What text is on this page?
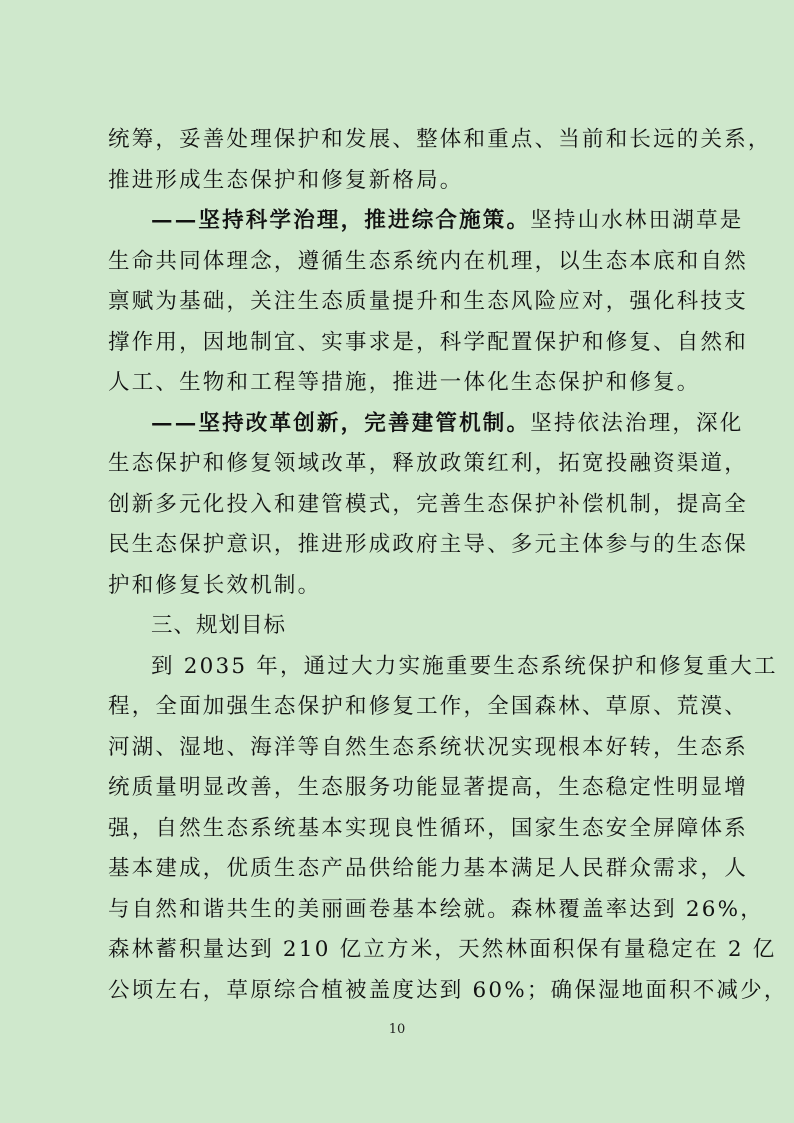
统筹，妥善处理保护和发展、整体和重点、当前和长远的关系，
推进形成生态保护和修复新格局。
——坚持科学治理，推进综合施策。坚持山水林田湖草是
生命共同体理念，遵循生态系统内在机理，以生态本底和自然
禀赋为基础，关注生态质量提升和生态风险应对，强化科技支
撑作用，因地制宜、实事求是，科学配置保护和修复、自然和
人工、生物和工程等措施，推进一体化生态保护和修复。
——坚持改革创新，完善建管机制。坚持依法治理，深化
生态保护和修复领域改革，释放政策红利，拓宽投融资渠道，
创新多元化投入和建管模式，完善生态保护补偿机制，提高全
民生态保护意识，推进形成政府主导、多元主体参与的生态保
护和修复长效机制。
三、规划目标
到 2035 年，通过大力实施重要生态系统保护和修复重大工
程，全面加强生态保护和修复工作，全国森林、草原、荒漠、
河湖、湿地、海洋等自然生态系统状况实现根本好转，生态系
统质量明显改善，生态服务功能显著提高，生态稳定性明显增
强，自然生态系统基本实现良性循环，国家生态安全屏障体系
基本建成，优质生态产品供给能力基本满足人民群众需求，人
与自然和谐共生的美丽画卷基本绘就。森林覆盖率达到 26%，
森林蓄积量达到 210 亿立方米，天然林面积保有量稳定在 2 亿
公顷左右，草原综合植被盖度达到 60%；确保湿地面积不减少，
10
